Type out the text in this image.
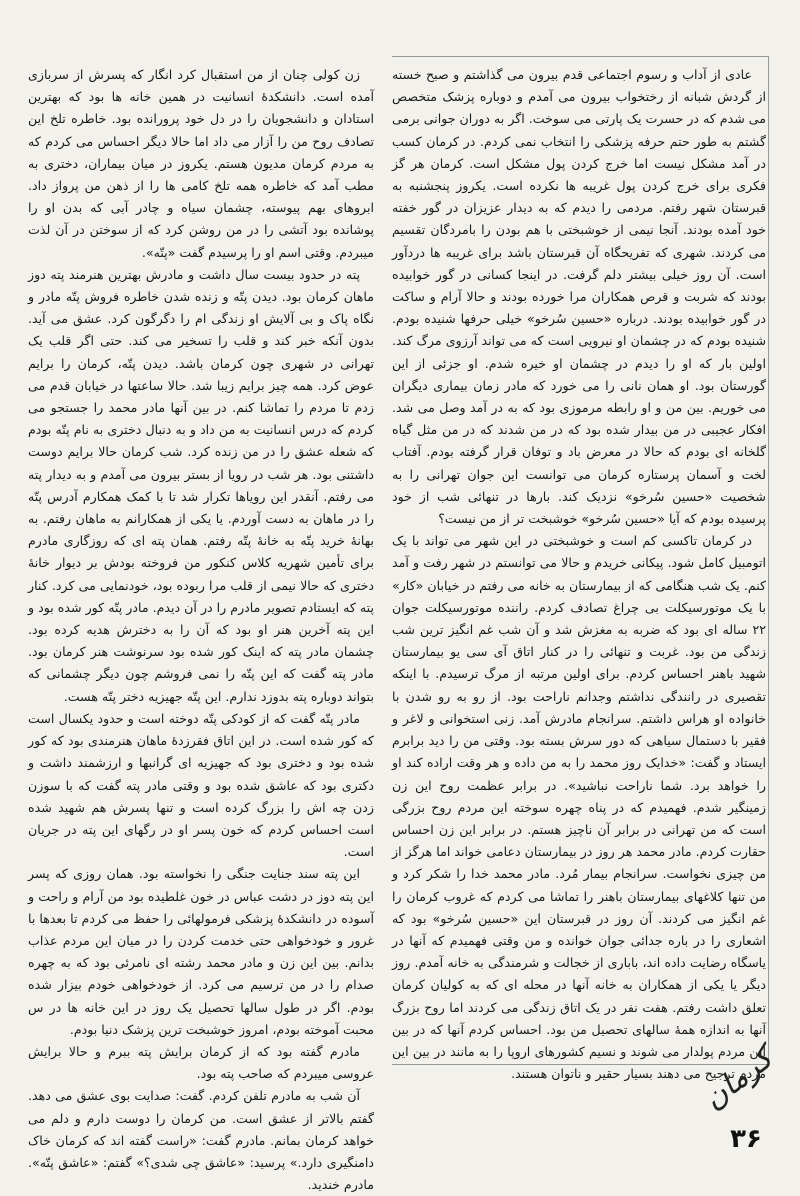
عادی از آداب و رسوم اجتماعی قدم بیرون می گذاشتم و صبح خسته از گردش شبانه از رختخواب بیرون می آمدم و دوباره پزشک متخصص می شدم که در حسرت یک پارتی می سوخت. اگر به دوران جوانی برمی گشتم به طور حتم حرفه پزشکی را انتخاب نمی کردم. در کرمان کسب در آمد مشکل نیست اما خرج کردن پول مشکل است. کرمان هر گز فکری برای خرج کردن پول غریبه ها نکرده است. یکروز پنجشنبه به قبرستان شهر رفتم. مردمی را دیدم که به دیدار عزیزان در گور خفته خود آمده بودند. آنجا نیمی از خوشبختی با هم بودن را بامردگان تقسیم می کردند. شهری که تفریحگاه آن قبرستان باشد برای غریبه ها دردآور است. آن روز خیلی بیشتر دلم گرفت. در اینجا کسانی در گور خوابیده بودند که شربت و قرص همکاران مرا خورده بودند و حالا آرام و ساکت در گور خوابیده بودند. درباره «حسین سُرخو» خیلی حرفها شنیده بودم. شنیده بودم که در چشمان او نیرویی است که می تواند آرزوی مرگ کند. اولین بار که او را دیدم در چشمان او خیره شدم. او جزئی از این گورستان بود. او همان نانی را می خورد که مادر زمان بیماری دیگران می خوریم. بین من و او رابطه مرموزی بود که به در آمد وصل می شد. افکار عجیبی در من بیدار شده بود که در من شدند که در من مثل گیاه گلخانه ای بودم که حالا در معرض باد و توفان قرار گرفته بودم. آفتاب لخت و آسمان پرستاره کرمان می توانست این جوان تهرانی را به شخصیت «حسین سُرخو» نزدیک کند. بارها در تنهائی شب از خود پرسیده بودم که آیا «حسین سُرخو» خوشبخت تر از من نیست؟

در کرمان تاکسی کم است و خوشبختی در این شهر می تواند با یک اتومبیل کامل شود. پیکانی خریدم و حالا می توانستم در شهر رفت و آمد کنم. یک شب هنگامی که از بیمارستان به خانه می رفتم در خیابان «کار» با یک موتورسیکلت بی چراغ تصادف کردم. راننده موتورسیکلت جوان ۲۲ ساله ای بود که ضربه به مغزش شد و آن شب غم انگیز ترین شب زندگی من بود. غربت و تنهائی را در کنار اتاق آی سی یو بیمارستان شهید باهنر احساس کردم. برای اولین مرتبه از مرگ ترسیدم. با اینکه تقصیری در رانندگی نداشتم وجدانم ناراحت بود. از رو به رو شدن با خانواده او هراس داشتم. سرانجام مادرش آمد. زنی استخوانی و لاغر و فقیر با دستمال سیاهی که دور سرش بسته بود. وقتی من را دید برابرم ایستاد و گفت: «خدایک روز محمد را به من داده و هر وقت اراده کند او را خواهد برد. شما ناراحت نباشید». در برابر عظمت روح این زن زمینگیر شدم. فهمیدم که در پناه چهره سوخته این مردم روح بزرگی است که من تهرانی در برابر آن ناچیز هستم. در برابر این زن احساس حقارت کردم. مادر محمد هر روز در بیمارستان دعامی خواند اما هرگز از من چیزی نخواست. سرانجام بیمار مُرد. مادر محمد خدا را شکر کرد و من تنها کلاغهای بیمارستان باهنر را تماشا می کردم که غروب کرمان را غم انگیز می کردند. آن روز در قبرستان این «حسین سُرخو» بود که اشعاری را در باره جدائی جوان خوانده و من وقتی فهمیدم که آنها در یاسگاه رضایت داده اند، باباری از خجالت و شرمندگی به خانه آمدم. روز دیگر یا یکی از همکاران به خانه آنها در محله ای که به کولیان کرمان تعلق داشت رفتم. هفت نفر در یک اتاق زندگی می کردند اما روح بزرگ آنها به اندازه همهٔ سالهای تحصیل من بود. احساس کردم آنها که در بین این مردم پولدار می شوند و نسیم کشورهای اروپا را به مانند در بین این مردم ترجیح می دهند بسیار حقیر و ناتوان هستند.

زن کولی چنان از من استقبال کرد انگار که پسرش از سربازی آمده است. دانشکدهٔ انسانیت در همین خانه ها بود که بهترین استادان و دانشجویان را در دل خود پرورانده بود. خاطره تلخ این تصادف روح من را آزار می داد اما حالا دیگر احساس می کردم که به مردم کرمان مدیون هستم. یکروز در میان بیماران، دختری به مطب آمد که خاطره همه تلخ کامی ها را از ذهن من پرواز داد. ابروهای بهم پیوسته، چشمان سیاه و چادر آبی که بدن او را پوشانده بود آتشی را در من روشن کرد که از سوختن در آن لذت میبردم. وقتی اسم او را پرسیدم گفت «پتّه».

پته در حدود بیست سال داشت و مادرش بهترین هنرمند پته دوز ماهان کرمان بود. دیدن پتّه و زنده شدن خاطره فروش پتّه مادر و نگاه پاک و بی آلایش او زندگی ام را دگرگون کرد. عشق می آید. بدون آنکه خبر کند و قلب را تسخیر می کند. حتی اگر قلب یک تهرانی در شهری چون کرمان باشد. دیدن پتّه، کرمان را برایم عوض کرد. همه چیز برایم زیبا شد. حالا ساعتها در خیابان قدم می زدم تا مردم را تماشا کنم. در بین آنها مادر محمد را جستجو می کردم که درس انسانیت به من داد و به دنبال دختری به نام پتّه بودم که شعله عشق را در من زنده کرد. شب کرمان حالا برایم دوست داشتنی بود. هر شب در رویا از بستر بیرون می آمدم و به دیدار پته می رفتم. آنقدر این رویاها تکرار شد تا با کمک همکارم آدرس پتّه را در ماهان به دست آوردم. یا یکی از همکارانم به ماهان رفتم. به بهانهٔ خرید پتّه به خانهٔ پتّه رفتم. همان پته ای که روزگاری مادرم برای تأمین شهریه کلاس کنکور من فروخته بودش بر دیوار خانهٔ دختری که حالا نیمی از قلب مرا ربوده بود، خودنمایی می کرد. کنار پته که ایستادم تصویر مادرم را در آن دیدم. مادر پتّه کور شده بود و این پته آخرین هنر او بود که آن را به دخترش هدیه کرده بود. چشمان مادر پته که اینک کور شده بود سرنوشت هنر کرمان بود. مادر پته گفت که این پتّه را نمی فروشم چون دیگر چشمانی که بتواند دوباره پته بدوزد ندارم. این پتّه جهیزیه دختر پتّه هست.

مادر پتّه گفت که از کودکی پتّه دوخته است و حدود یکسال است که کور شده است. در این اتاق فقرزدهٔ ماهان هنرمندی بود که کور شده بود و دختری بود که جهیزیه ای گرانبها و ارزشمند داشت و دکتری بود که عاشق شده بود و وقتی مادر پته گفت که با سوزن زدن چه اش را بزرگ کرده است و تنها پسرش هم شهید شده است احساس کردم که خون پسر او در رگهای این پته در جریان است.

این پته سند جنایت جنگی را نخواسته بود. همان روزی که پسر این پته دوز در دشت عباس در خون غلطیده بود من آرام و راحت و آسوده در دانشکدهٔ پزشکی فرمولهائی را حفظ می کردم تا بعدها با غرور و خودخواهی حتی خدمت کردن را در میان این مردم عذاب بدانم. بین این زن و مادر محمد رشته ای نامرئی بود که به چهره صدام را در من ترسیم می کرد. از خودخواهی خودم بیزار شده بودم. اگر در طول سالها تحصیل یک روز در این خانه ها در س محبت آموخته بودم، امروز خوشبخت ترین پزشک دنیا بودم.

مادرم گفته بود که از کرمان برایش پته ببرم و حالا برایش عروسی میبردم که صاحب پته بود.

آن شب به مادرم تلفن کردم. گفت: صدایت بوی عشق می دهد. گفتم بالاتر از عشق است. من کرمان را دوست دارم و دلم می خواهد کرمان بمانم. مادرم گفت: «راست گفته اند که کرمان خاک دامنگیری دارد.» پرسید: «عاشق چی شدی؟» گفتم: «عاشق پتّه». مادرم خندید.

کرمان
۳۶
